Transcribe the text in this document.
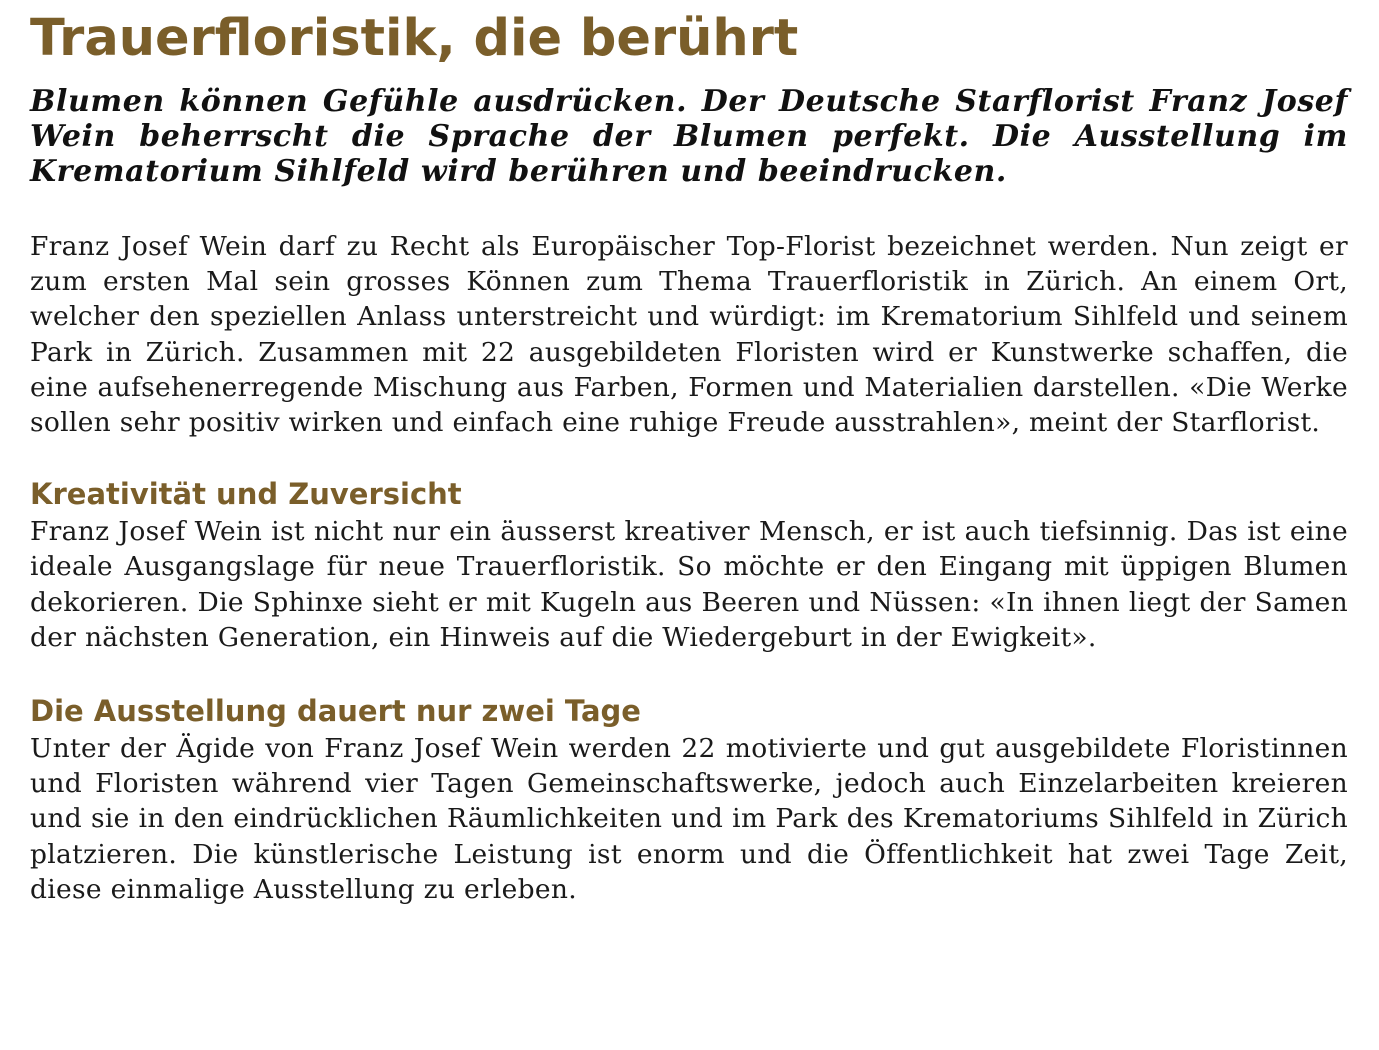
Trauerfloristik, die berührt

Blumen können Gefühle ausdrücken. Der Deutsche Starflorist Franz Josef Wein beherrscht die Sprache der Blumen perfekt. Die Ausstellung im Krematorium Sihlfeld wird berühren und beeindrucken.

Franz Josef Wein darf zu Recht als Europäischer Top-Florist bezeichnet werden. Nun zeigt er zum ersten Mal sein grosses Können zum Thema Trauerfloristik in Zürich. An einem Ort, welcher den speziellen Anlass unterstreicht und würdigt: im Krematorium Sihlfeld und seinem Park in Zürich. Zusammen mit 22 ausgebildeten Floristen wird er Kunstwerke schaffen, die eine aufsehenerregende Mischung aus Farben, Formen und Materialien darstellen. «Die Werke sollen sehr positiv wirken und einfach eine ruhige Freude ausstrahlen», meint der Starflorist.

Kreativität und Zuversicht

Franz Josef Wein ist nicht nur ein äusserst kreativer Mensch, er ist auch tiefsinnig. Das ist eine ideale Ausgangslage für neue Trauerfloristik. So möchte er den Eingang mit üppigen Blumen dekorieren. Die Sphinxe sieht er mit Kugeln aus Beeren und Nüssen: «In ihnen liegt der Samen der nächsten Generation, ein Hinweis auf die Wiedergeburt in der Ewigkeit».

Die Ausstellung dauert nur zwei Tage

Unter der Ägide von Franz Josef Wein werden 22 motivierte und gut ausgebildete Floristinnen und Floristen während vier Tagen Gemeinschaftswerke, jedoch auch Einzelarbeiten kreieren und sie in den eindrücklichen Räumlichkeiten und im Park des Krematoriums Sihlfeld in Zürich platzieren. Die künstlerische Leistung ist enorm und die Öffentlichkeit hat zwei Tage Zeit, diese einmalige Ausstellung zu erleben.
